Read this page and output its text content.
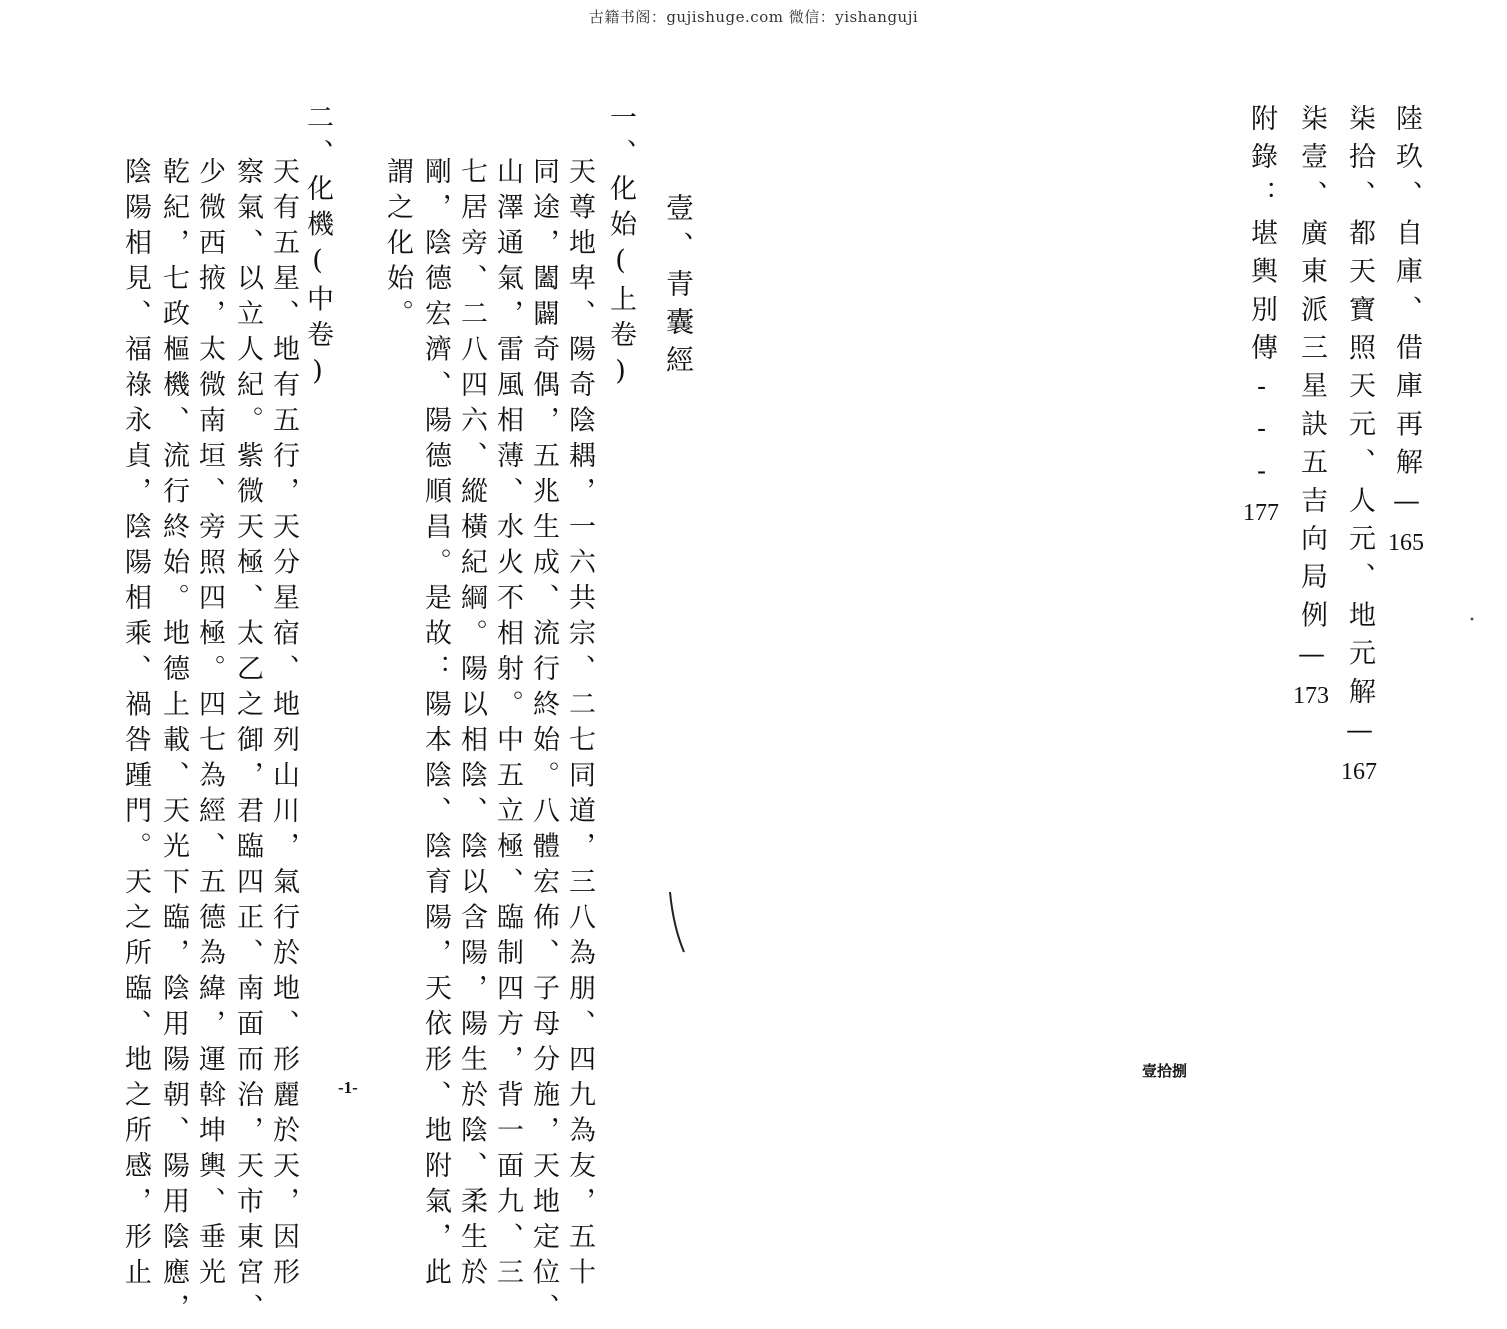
古籍书阁：gujishuge.com 微信：yishanguji
陸玖、自庫、借庫再解—165
柒拾、都天寶照天元、人元、地元解—167
柒壹、廣東派三星訣五吉向局例—173
附錄：堪輿別傳‐‐‐177
壹、青囊經
一、化始(上卷)
天尊地卑、陽奇陰耦，一六共宗、二七同道，三八為朋、四九為友，五十
同途，闔闢奇偶，五兆生成、流行終始。八體宏佈、子母分施，天地定位、
山澤通氣，雷風相薄、水火不相射。中五立極、臨制四方，背一面九、三
七居旁、二八四六、縱橫紀綱。陽以相陰、陰以含陽，陽生於陰、柔生於
剛，陰德宏濟、陽德順昌。是故：陽本陰、陰育陽，天依形、地附氣，此
謂之化始。
二、化機(中卷)
天有五星、地有五行，天分星宿、地列山川，氣行於地、形麗於天，因形
察氣、以立人紀。紫微天極、太乙之御，君臨四正、南面而治，天市東宮、
少微西掖，太微南垣、旁照四極。四七為經、五德為緯，運斡坤輿、垂光
乾紀，七政樞機、流行終始。地德上載、天光下臨，陰用陽朝、陽用陰應，
陰陽相見、福祿永貞，陰陽相乘、禍咎踵門。天之所臨、地之所感，形止	-1-
壹拾捌
